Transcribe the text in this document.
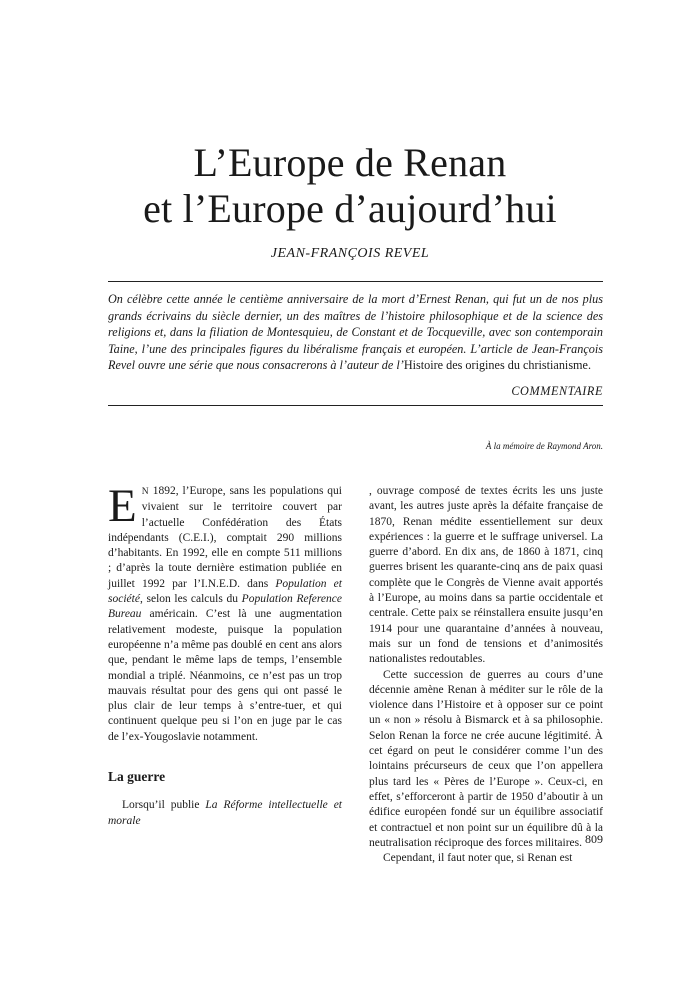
L’Europe de Renan
et l’Europe d’aujourd’hui
JEAN-FRANÇOIS REVEL
On célèbre cette année le centième anniversaire de la mort d’Ernest Renan, qui fut un de nos plus grands écrivains du siècle dernier, un des maîtres de l’histoire philosophique et de la science des religions et, dans la filiation de Montesquieu, de Constant et de Tocqueville, avec son contemporain Taine, l’une des principales figures du libéralisme français et européen. L’article de Jean-François Revel ouvre une série que nous consacrerons à l’auteur de l’Histoire des origines du christianisme.
COMMENTAIRE
À la mémoire de Raymond Aron.

E N 1892, l’Europe, sans les populations qui vivaient sur le territoire couvert par l’actuelle Confédération des États indépendants (C.E.I.), comptait 290 millions d’habitants. En 1992, elle en compte 511 millions ; d’après la toute dernière estimation publiée en juillet 1992 par l’I.N.E.D. dans Population et société, selon les calculs du Population Reference Bureau américain. C’est là une augmentation relativement modeste, puisque la population européenne n’a même pas doublé en cent ans alors que, pendant le même laps de temps, l’ensemble mondial a triplé. Néanmoins, ce n’est pas un trop mauvais résultat pour des gens qui ont passé le plus clair de leur temps à s’entre-tuer, et qui continuent quelque peu si l’on en juge par le cas de l’ex-Yougoslavie notamment.

La guerre

Lorsqu’il publie La Réforme intellectuelle et morale

, ouvrage composé de textes écrits les uns juste avant, les autres juste après la défaite française de 1870, Renan médite essentiellement sur deux expériences : la guerre et le suffrage universel. La guerre d’abord. En dix ans, de 1860 à 1871, cinq guerres brisent les quarante-cinq ans de paix quasi complète que le Congrès de Vienne avait apportés à l’Europe, au moins dans sa partie occidentale et centrale. Cette paix se réinstallera ensuite jusqu’en 1914 pour une quarantaine d’années à nouveau, mais sur un fond de tensions et d’animosités nationalistes redoutables.

Cette succession de guerres au cours d’une décennie amène Renan à méditer sur le rôle de la violence dans l’Histoire et à opposer sur ce point un « non » résolu à Bismarck et à sa philosophie. Selon Renan la force ne crée aucune légitimité. À cet égard on peut le considérer comme l’un des lointains précurseurs de ceux que l’on appellera plus tard les « Pères de l’Europe ». Ceux-ci, en effet, s’efforceront à partir de 1950 d’aboutir à un édifice européen fondé sur un équilibre associatif et contractuel et non point sur un équilibre dû à la neutralisation réciproque des forces militaires.

Cependant, il faut noter que, si Renan est

809
